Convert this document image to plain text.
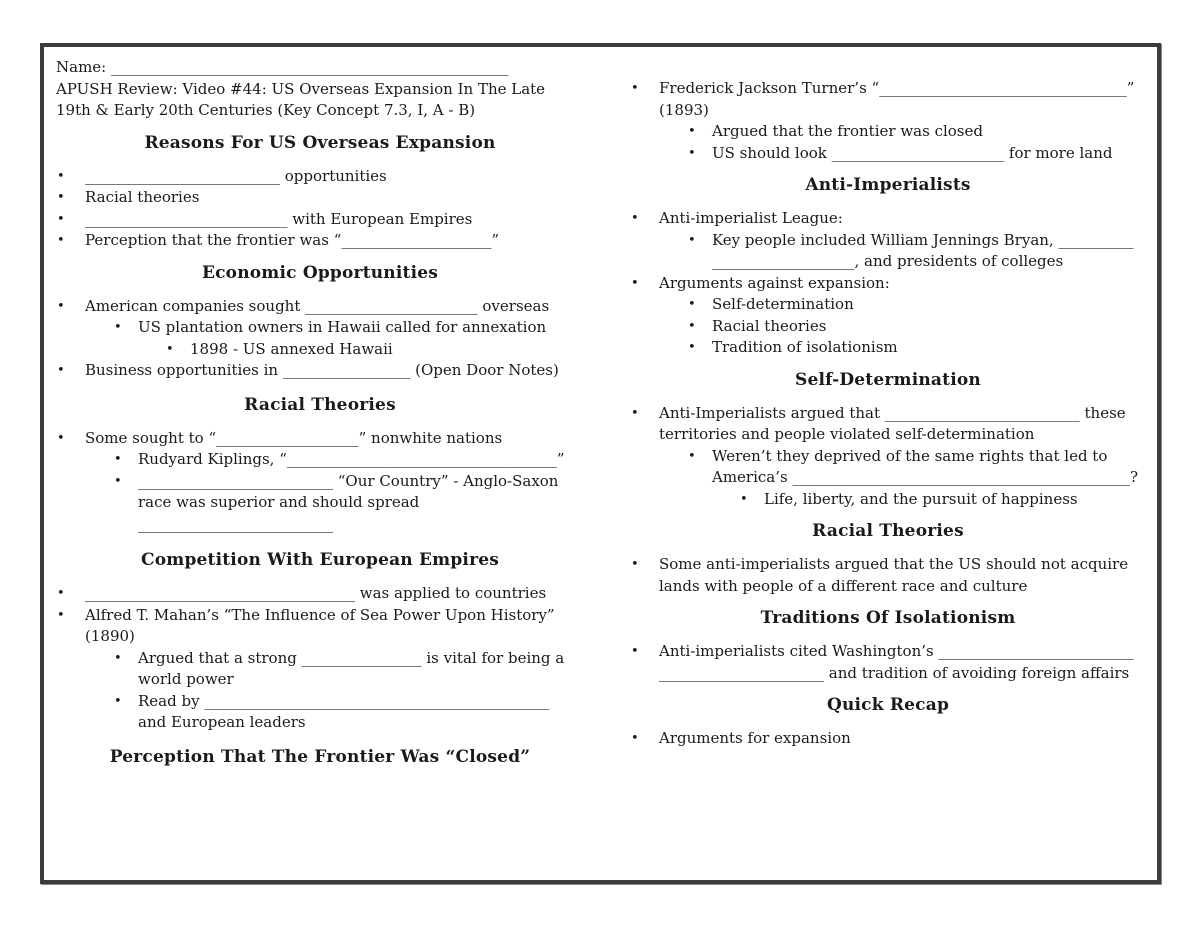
Name: _____________________________________________________
APUSH Review: Video #44: US Overseas Expansion In The Late
19th & Early 20th Centuries (Key Concept 7.3, I, A - B)
Reasons For US Overseas Expansion
• __________________________ opportunities
• Racial theories
• ___________________________ with European Empires
• Perception that the frontier was “____________________”
Economic Opportunities
• American companies sought _______________________ overseas
• US plantation owners in Hawaii called for annexation
• 1898 - US annexed Hawaii
• Business opportunities in _________________ (Open Door Notes)
Racial Theories
• Some sought to “___________________” nonwhite nations
• Rudyard Kiplings, “____________________________________”
• __________________________ “Our Country” - Anglo-Saxon
race was superior and should spread
__________________________
Competition With European Empires
• ____________________________________ was applied to countries
• Alfred T. Mahan’s “The Influence of Sea Power Upon History”
(1890)
• Argued that a strong ________________ is vital for being a
world power
• Read by ______________________________________________
and European leaders
Perception That The Frontier Was “Closed”
• Frederick Jackson Turner’s “_________________________________”
(1893)
• Argued that the frontier was closed
• US should look _______________________ for more land
Anti-Imperialists
• Anti-imperialist League:
• Key people included William Jennings Bryan, __________
___________________, and presidents of colleges
• Arguments against expansion:
• Self-determination
• Racial theories
• Tradition of isolationism
Self-Determination
• Anti-Imperialists argued that __________________________ these
territories and people violated self-determination
• Weren’t they deprived of the same rights that led to
America’s _____________________________________________?
• Life, liberty, and the pursuit of happiness
Racial Theories
• Some anti-imperialists argued that the US should not acquire
lands with people of a different race and culture
Traditions Of Isolationism
• Anti-imperialists cited Washington’s __________________________
______________________ and tradition of avoiding foreign affairs
Quick Recap
• Arguments for expansion
